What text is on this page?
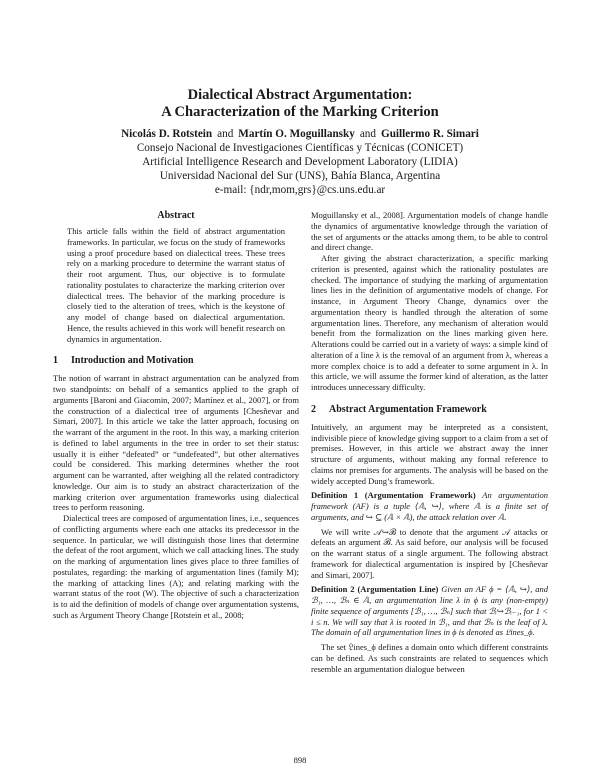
Dialectical Abstract Argumentation:
A Characterization of the Marking Criterion
Nicolás D. Rotstein and Martín O. Moguillansky and Guillermo R. Simari
Consejo Nacional de Investigaciones Científicas y Técnicas (CONICET)
Artificial Intelligence Research and Development Laboratory (LIDIA)
Universidad Nacional del Sur (UNS), Bahía Blanca, Argentina
e-mail: {ndr,mom,grs}@cs.uns.edu.ar
Abstract

This article falls within the field of abstract argumentation frameworks. In particular, we focus on the study of frameworks using a proof procedure based on dialectical trees. These trees rely on a marking procedure to determine the warrant status of their root argument. Thus, our objective is to formulate rationality postulates to characterize the marking criterion over dialectical trees. The behavior of the marking procedure is closely tied to the alteration of trees, which is the keystone of any model of change based on dialectical argumentation. Hence, the results achieved in this work will benefit research on dynamics in argumentation.

1 Introduction and Motivation

The notion of warrant in abstract argumentation can be analyzed from two standpoints: on behalf of a semantics applied to the graph of arguments [Baroni and Giacomin, 2007; Martínez et al., 2007], or from the construction of a dialectical tree of arguments [Chesñevar and Simari, 2007]. In this article we take the latter approach, focusing on the warrant of the argument in the root. In this way, a marking criterion is defined to label arguments in the tree in order to set their status: usually it is either “defeated” or “undefeated”, but other alternatives could be considered. This marking determines whether the root argument can be warranted, after weighing all the related contradictory knowledge. Our aim is to study an abstract characterization of the marking criterion over argumentation frameworks using dialectical trees to perform reasoning.

Dialectical trees are composed of argumentation lines, i.e., sequences of conflicting arguments where each one attacks its predecessor in the sequence. In particular, we will distinguish those lines that determine the defeat of the root argument, which we call attacking lines. The study on the marking of argumentation lines gives place to three families of postulates, regarding: the marking of argumentation lines (family M); the marking of attacking lines (A); and relating marking with the warrant status of the root (W). The objective of such a characterization is to aid the definition of models of change over argumentation systems, such as Argument Theory Change [Rotstein et al., 2008;

Moguillansky et al., 2008]. Argumentation models of change handle the dynamics of argumentative knowledge through the variation of the set of arguments or the attacks among them, to be able to control and direct change.

After giving the abstract characterization, a specific marking criterion is presented, against which the rationality postulates are checked. The importance of studying the marking of argumentation lines lies in the definition of argumentative models of change. For instance, in Argument Theory Change, dynamics over the argumentation theory is handled through the alteration of some argumentation lines. Therefore, any mechanism of alteration would benefit from the formalization on the lines marking given here. Alterations could be carried out in a variety of ways: a simple kind of alteration of a line λ is the removal of an argument from λ, whereas a more complex choice is to add a defeater to some argument in λ. In this article, we will assume the former kind of alteration, as the latter introduces unnecessary difficulty.

2 Abstract Argumentation Framework

Intuitively, an argument may be interpreted as a consistent, indivisible piece of knowledge giving support to a claim from a set of premises. However, in this article we abstract away the inner structure of arguments, without making any formal reference to claims nor premises for arguments. The analysis will be based on the widely accepted Dung’s framework.

Definition 1 (Argumentation Framework) An argumentation framework (AF) is a tuple ⟨𝔸, ↪⟩, where 𝔸 is a finite set of arguments, and ↪ ⊆ (𝔸 × 𝔸), the attack relation over 𝔸.

We will write 𝒜↪ℬ to denote that the argument 𝒜 attacks or defeats an argument ℬ. As said before, our analysis will be focused on the warrant status of a single argument. The following abstract framework for dialectical argumentation is inspired by [Chesñevar and Simari, 2007].

Definition 2 (Argumentation Line) Given an AF ϕ = ⟨𝔸, ↪⟩, and ℬ₁, …, ℬₙ ∈ 𝔸, an argumentation line λ in ϕ is any (non-empty) finite sequence of arguments [ℬ₁, …, ℬₙ] such that ℬᵢ↪ℬᵢ₋₁, for 1 < i ≤ n. We will say that λ is rooted in ℬ₁, and that ℬₙ is the leaf of λ. The domain of all argumentation lines in ϕ is denoted as 𝔏ines_ϕ.

The set 𝔏ines_ϕ defines a domain onto which different constraints can be defined. As such constraints are related to sequences which resemble an argumentation dialogue between

898
